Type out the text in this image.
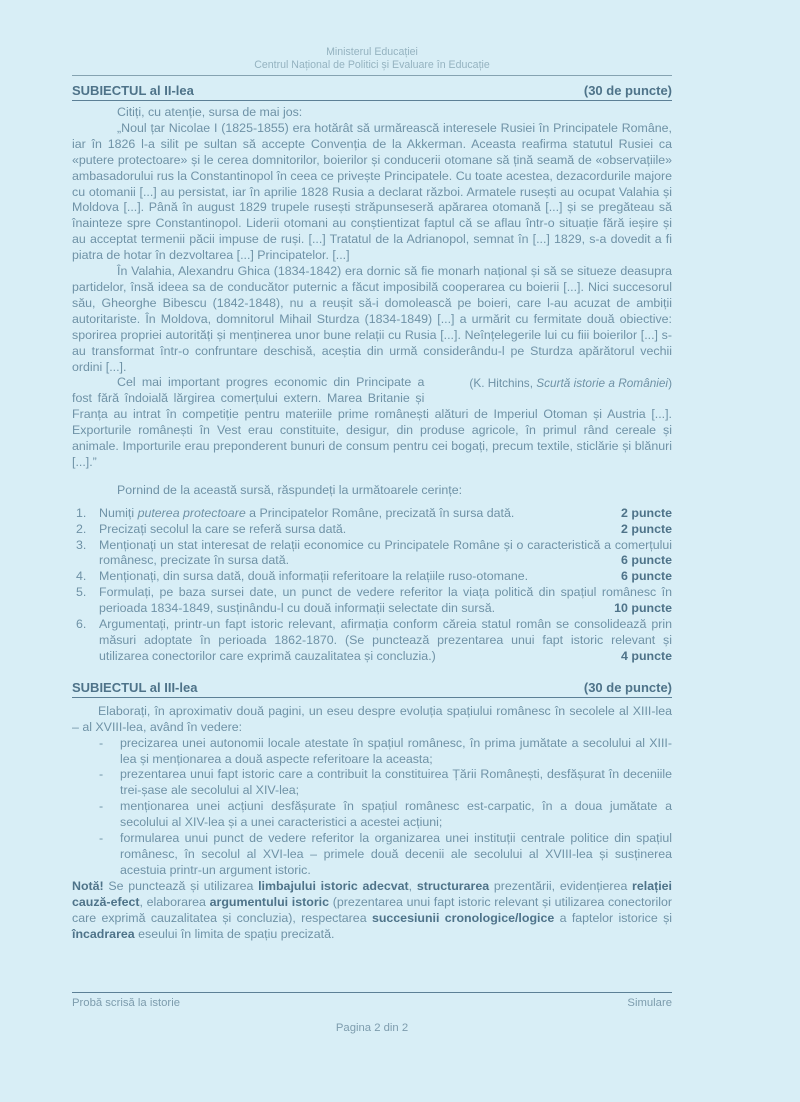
Ministerul Educației
Centrul Național de Politici și Evaluare în Educație
SUBIECTUL al II-lea	(30 de puncte)

Citiți, cu atenție, sursa de mai jos:

„Noul țar Nicolae I (1825-1855) era hotărât să urmărească interesele Rusiei în Principatele Române, iar în 1826 l-a silit pe sultan să accepte Convenția de la Akkerman. Aceasta reafirma statutul Rusiei ca «putere protectoare» și le cerea domnitorilor, boierilor și conducerii otomane să țină seamă de «observațiile» ambasadorului rus la Constantinopol în ceea ce privește Principatele. Cu toate acestea, dezacordurile majore cu otomanii [...] au persistat, iar în aprilie 1828 Rusia a declarat război. Armatele rusești au ocupat Valahia și Moldova [...]. Până în august 1829 trupele rusești străpunseseră apărarea otomană [...] și se pregăteau să înainteze spre Constantinopol. Liderii otomani au conștientizat faptul că se aflau într-o situație fără ieșire și au acceptat termenii păcii impuse de ruși. [...] Tratatul de la Adrianopol, semnat în [...] 1829, s-a dovedit a fi piatra de hotar în dezvoltarea [...] Principatelor. [...]

În Valahia, Alexandru Ghica (1834-1842) era dornic să fie monarh național și să se situeze deasupra partidelor, însă ideea sa de conducător puternic a făcut imposibilă cooperarea cu boierii [...]. Nici succesorul său, Gheorghe Bibescu (1842-1848), nu a reușit să-i domolească pe boieri, care l-au acuzat de ambiții autoritariste. În Moldova, domnitorul Mihail Sturdza (1834-1849) [...] a urmărit cu fermitate două obiective: sporirea propriei autorități și menținerea unor bune relații cu Rusia [...]. Neînțelegerile lui cu fiii boierilor [...] s-au transformat într-o confruntare deschisă, aceștia din urmă considerându-l pe Sturdza apărătorul vechii ordini [...].

(K. Hitchins, Scurtă istorie a României)
Cel mai important progres economic din Principate a fost fără îndoială lărgirea comerțului extern. Marea Britanie și Franța au intrat în competiție pentru materiile prime românești alături de Imperiul Otoman și Austria [...]. Exporturile românești în Vest erau constituite, desigur, din produse agricole, în primul rând cereale și animale. Importurile erau preponderent bunuri de consum pentru cei bogați, precum textile, sticlărie și blănuri [...].”

Pornind de la această sursă, răspundeți la următoarele cerințe:

1. Numiți puterea protectoare a Principatelor Române, precizată în sursa dată.	2 puncte
2. Precizați secolul la care se referă sursa dată.	2 puncte
3. Menționați un stat interesat de relații economice cu Principatele Române și o caracteristică a comerțului românesc, precizate în sursa dată.	6 puncte
4. Menționați, din sursa dată, două informații referitoare la relațiile ruso-otomane.	6 puncte
5. Formulați, pe baza sursei date, un punct de vedere referitor la viața politică din spațiul românesc în perioada 1834-1849, susținându-l cu două informații selectate din sursă.	10 puncte
6. Argumentați, printr-un fapt istoric relevant, afirmația conform căreia statul român se consolidează prin măsuri adoptate în perioada 1862-1870. (Se punctează prezentarea unui fapt istoric relevant și utilizarea conectorilor care exprimă cauzalitatea și concluzia.)	4 puncte
SUBIECTUL al III-lea	(30 de puncte)

Elaborați, în aproximativ două pagini, un eseu despre evoluția spațiului românesc în secolele al XIII-lea – al XVIII-lea, având în vedere:

- precizarea unei autonomii locale atestate în spațiul românesc, în prima jumătate a secolului al XIII-lea și menționarea a două aspecte referitoare la aceasta;
- prezentarea unui fapt istoric care a contribuit la constituirea Țării Românești, desfășurat în deceniile trei-șase ale secolului al XIV-lea;
- menționarea unei acțiuni desfășurate în spațiul românesc est-carpatic, în a doua jumătate a secolului al XIV-lea și a unei caracteristici a acestei acțiuni;
- formularea unui punct de vedere referitor la organizarea unei instituții centrale politice din spațiul românesc, în secolul al XVI-lea – primele două decenii ale secolului al XVIII-lea și susținerea acestuia printr-un argument istoric.

Notă! Se punctează și utilizarea limbajului istoric adecvat, structurarea prezentării, evidențierea relației cauză-efect, elaborarea argumentului istoric (prezentarea unui fapt istoric relevant și utilizarea conectorilor care exprimă cauzalitatea și concluzia), respectarea succesiunii cronologice/logice a faptelor istorice și încadrarea eseului în limita de spațiu precizată.

Probă scrisă la istorie	Simulare
Pagina 2 din 2
